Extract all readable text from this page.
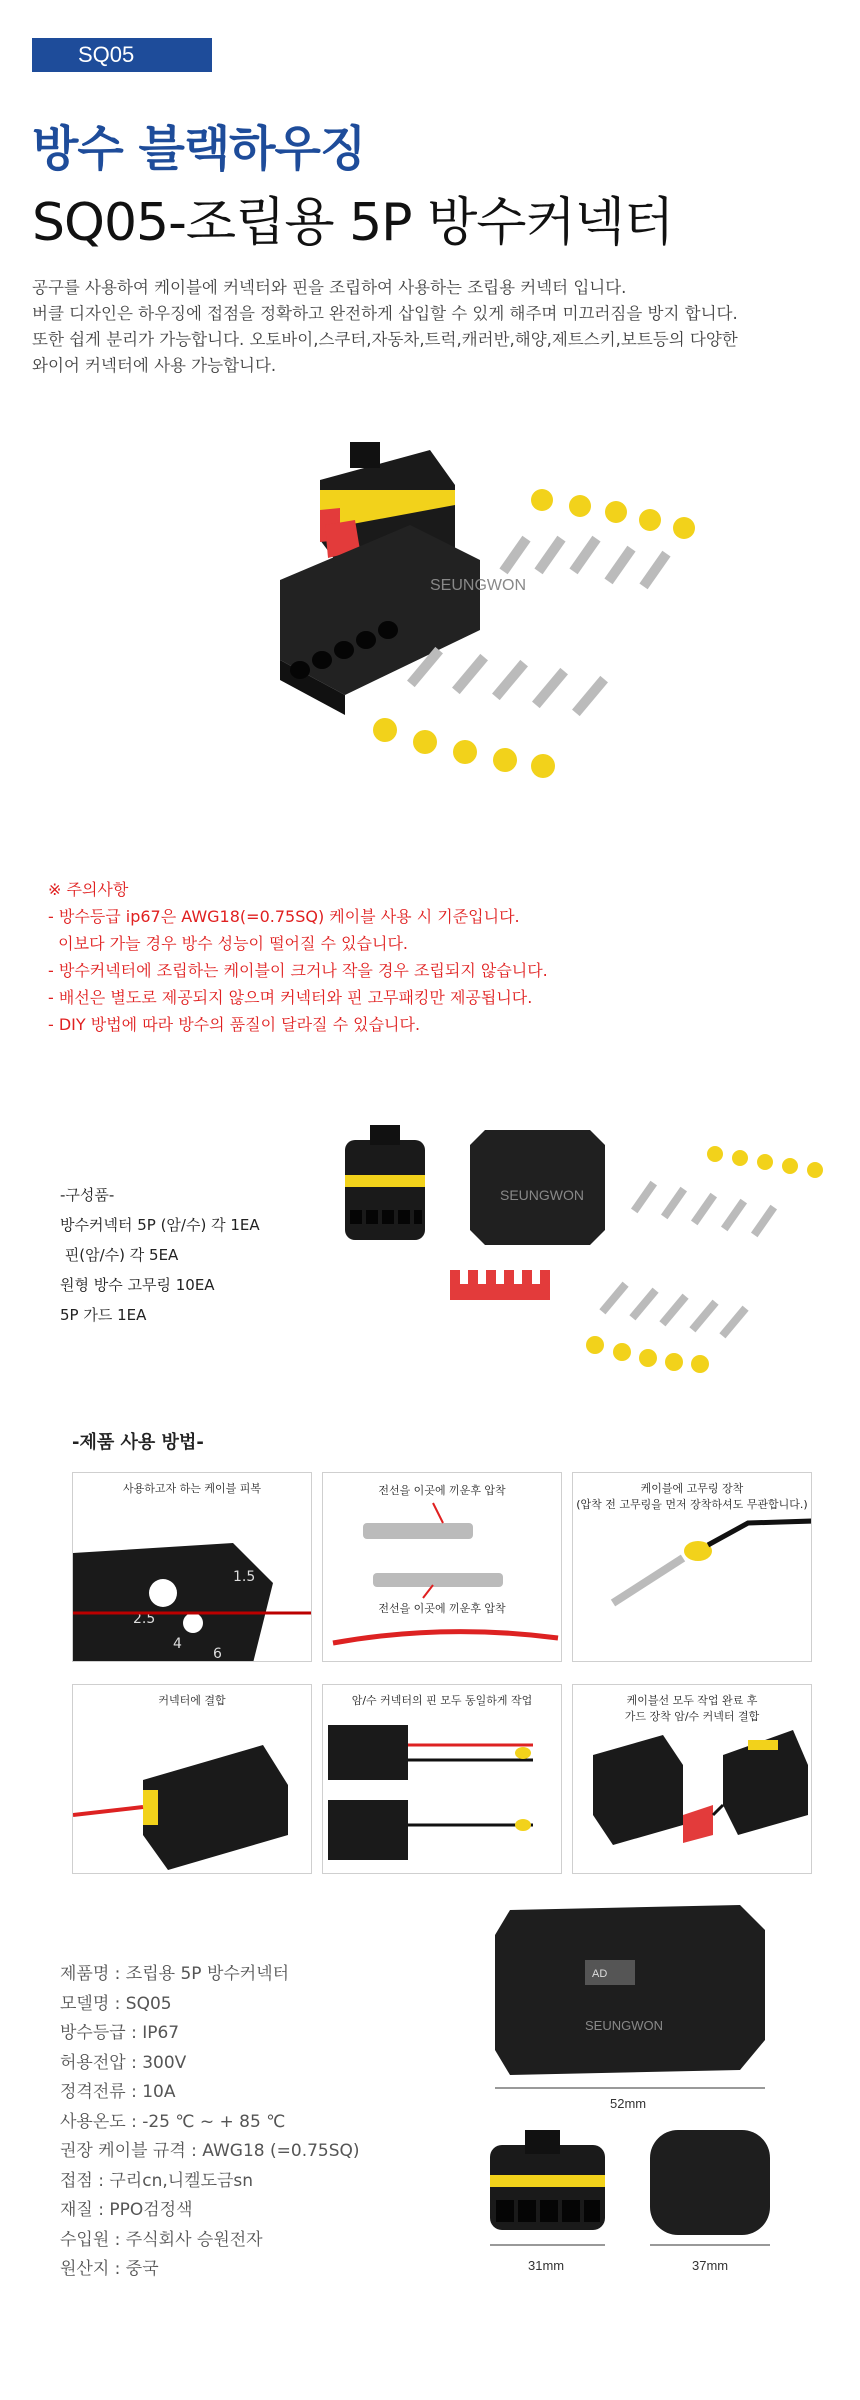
SQ05
방수 블랙하우징
SQ05-조립용 5P 방수커넥터
공구를 사용하여 케이블에 커넥터와 핀을 조립하여 사용하는 조립용 커넥터 입니다.
버클 디자인은 하우징에 접점을 정확하고 완전하게 삽입할 수 있게 해주며 미끄러짐을 방지 합니다.
또한 쉽게 분리가 가능합니다. 오토바이,스쿠터,자동차,트럭,캐러반,해양,제트스키,보트등의 다양한
와이어 커넥터에 사용 가능합니다.
SEUNGWON
※ 주의사항
- 방수등급 ip67은 AWG18(=0.75SQ) 케이블 사용 시 기준입니다.
이보다 가늘 경우 방수 성능이 떨어질 수 있습니다.
- 방수커넥터에 조립하는 케이블이 크거나 작을 경우 조립되지 않습니다.
- 배선은 별도로 제공되지 않으며 커넥터와 핀 고무패킹만 제공됩니다.
- DIY 방법에 따라 방수의 품질이 달라질 수 있습니다.
-구성품-
방수커넥터 5P (암/수) 각 1EA
핀(암/수) 각 5EA
원형 방수 고무링 10EA
5P 가드 1EA
SEUNGWON
-제품 사용 방법-
1.5
2.5
4
6
사용하고자 하는 케이블 피복	전선을 이곳에 끼운후 압착
전선을 이곳에 끼운후 압착
케이블에 고무링 장착
(압착 전 고무링을 먼저 장착하셔도 무관합니다.)
커넥터에 결합	암/수 커넥터의 핀 모두 동일하게 작업	케이블선 모두 작업 완료 후
가드 장착 암/수 커넥터 결합
제품명 : 조립용 5P 방수커넥터
모델명 : SQ05
방수등급 : IP67
허용전압 : 300V
정격전류 : 10A
사용온도 : -25 ℃ ~ + 85 ℃
권장 케이블 규격 : AWG18 (=0.75SQ)
접점 : 구리cn,니켈도금sn
재질 : PPO검정색
수입원 : 주식회사 승원전자
원산지 : 중국
AD
SEUNGWON
52mm
31mm	37mm
